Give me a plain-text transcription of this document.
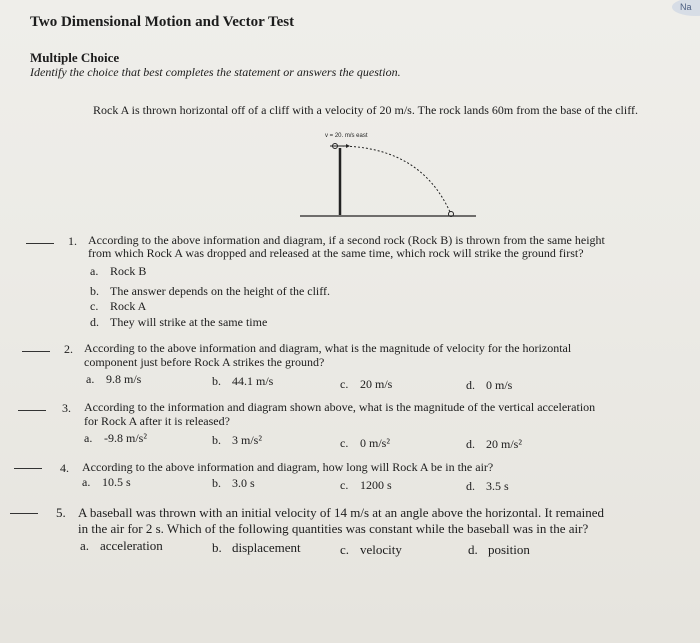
Two Dimensional Motion and Vector Test
Na
Multiple Choice
Identify the choice that best completes the statement or answers the question.
Rock A is thrown horizontal off of a cliff with a velocity of 20 m/s. The rock lands 60m from the base of the cliff.
v = 20. m/s east
1. According to the above information and diagram, if a second rock (Rock B) is thrown from the same height
from which Rock A was dropped and released at the same time, which rock will strike the ground first?
a. Rock B
b. The answer depends on the height of the cliff.
c. Rock A
d. They will strike at the same time
2. According to the above information and diagram, what is the magnitude of velocity for the horizontal
component just before Rock A strikes the ground?
a. 9.8 m/s	b. 44.1 m/s	c. 20 m/s	d. 0 m/s
3. According to the information and diagram shown above, what is the magnitude of the vertical acceleration
for Rock A after it is released?
a. -9.8 m/s²	b. 3 m/s²	c. 0 m/s²	d. 20 m/s²
4. According to the above information and diagram, how long will Rock A be in the air?
a. 10.5 s	b. 3.0 s	c. 1200 s	d. 3.5 s
5. A baseball was thrown with an initial velocity of 14 m/s at an angle above the horizontal. It remained
in the air for 2 s. Which of the following quantities was constant while the baseball was in the air?
a. acceleration	b. displacement	c. velocity	d. position
